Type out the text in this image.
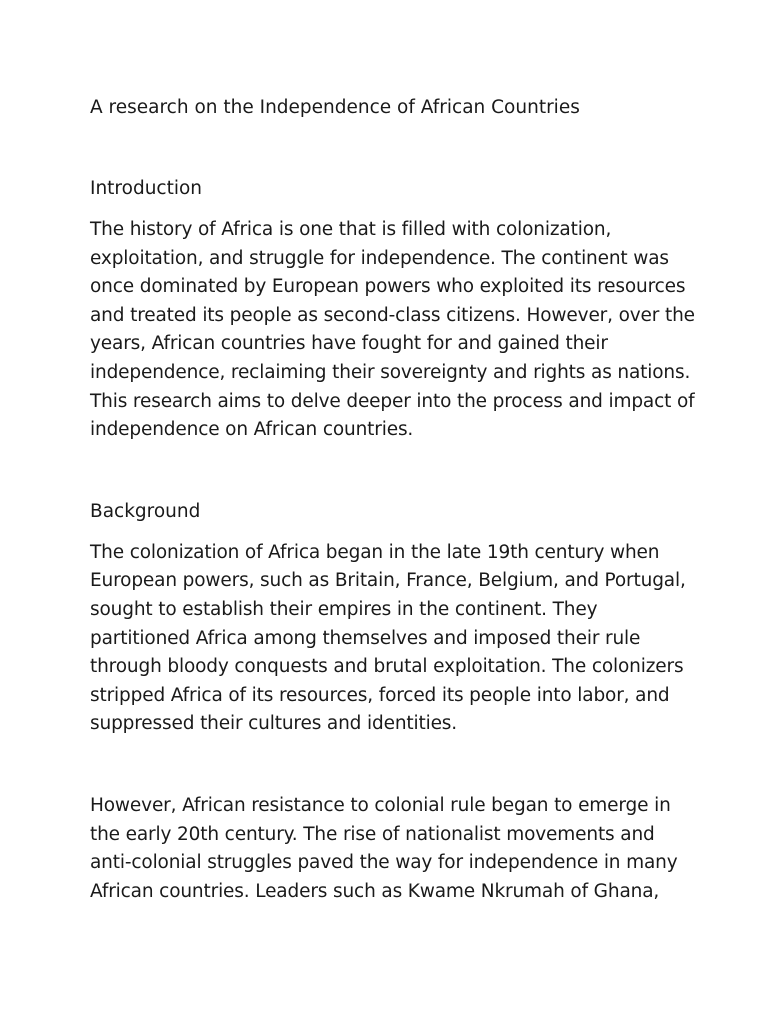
A research on the Independence of African Countries
Introduction

The history of Africa is one that is filled with colonization,
exploitation, and struggle for independence. The continent was
once dominated by European powers who exploited its resources
and treated its people as second-class citizens. However, over the
years, African countries have fought for and gained their
independence, reclaiming their sovereignty and rights as nations.
This research aims to delve deeper into the process and impact of
independence on African countries.

Background

The colonization of Africa began in the late 19th century when
European powers, such as Britain, France, Belgium, and Portugal,
sought to establish their empires in the continent. They
partitioned Africa among themselves and imposed their rule
through bloody conquests and brutal exploitation. The colonizers
stripped Africa of its resources, forced its people into labor, and
suppressed their cultures and identities.

However, African resistance to colonial rule began to emerge in
the early 20th century. The rise of nationalist movements and
anti-colonial struggles paved the way for independence in many
African countries. Leaders such as Kwame Nkrumah of Ghana,
